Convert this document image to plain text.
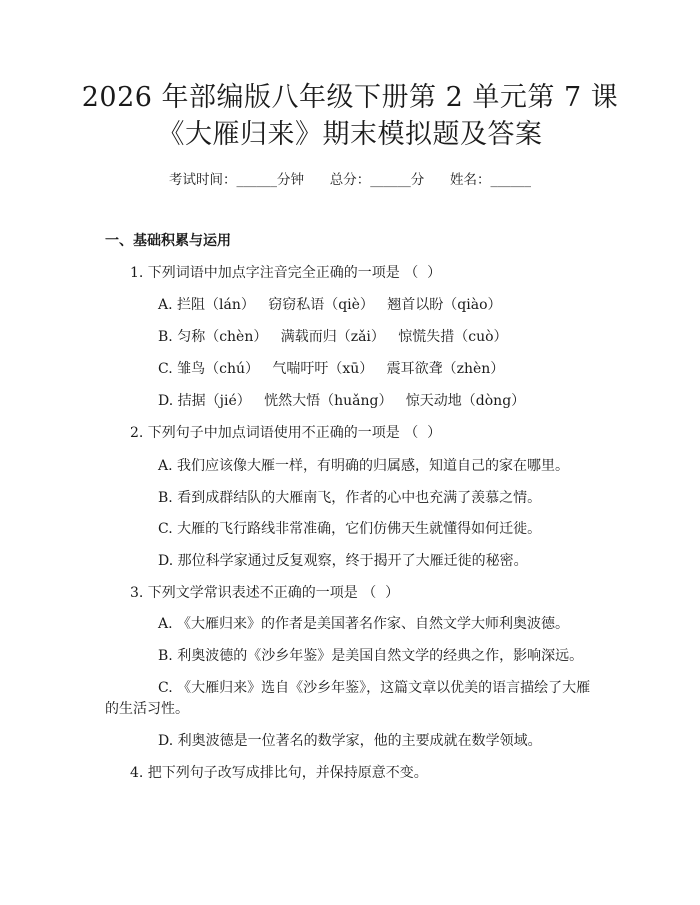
2026 年部编版八年级下册第 2 单元第 7 课
《大雁归来》期末模拟题及答案
考试时间：______分钟      总分：______分      姓名：______
一、基础积累与运用
1. 下列词语中加点字注音完全正确的一项是 （  ）
A. 拦阻（lán）   窃窃私语（qiè）   翘首以盼（qiào）
B. 匀称（chèn）   满载而归（zǎi）   惊慌失措（cuò）
C. 雏鸟（chú）   气喘吁吁（xū）   震耳欲聋（zhèn）
D. 拮据（jié）   恍然大悟（huǎng）   惊天动地（dòng）
2. 下列句子中加点词语使用不正确的一项是 （  ）
A. 我们应该像大雁一样，有明确的归属感，知道自己的家在哪里。
B. 看到成群结队的大雁南飞，作者的心中也充满了羡慕之情。
C. 大雁的飞行路线非常准确，它们仿佛天生就懂得如何迁徙。
D. 那位科学家通过反复观察，终于揭开了大雁迁徙的秘密。
3. 下列文学常识表述不正确的一项是 （  ）
A. 《大雁归来》的作者是美国著名作家、自然文学大师利奥波德。
B. 利奥波德的《沙乡年鉴》是美国自然文学的经典之作，影响深远。
C. 《大雁归来》选自《沙乡年鉴》，这篇文章以优美的语言描绘了大雁
的生活习性。
D. 利奥波德是一位著名的数学家，他的主要成就在数学领域。
4. 把下列句子改写成排比句，并保持原意不变。
